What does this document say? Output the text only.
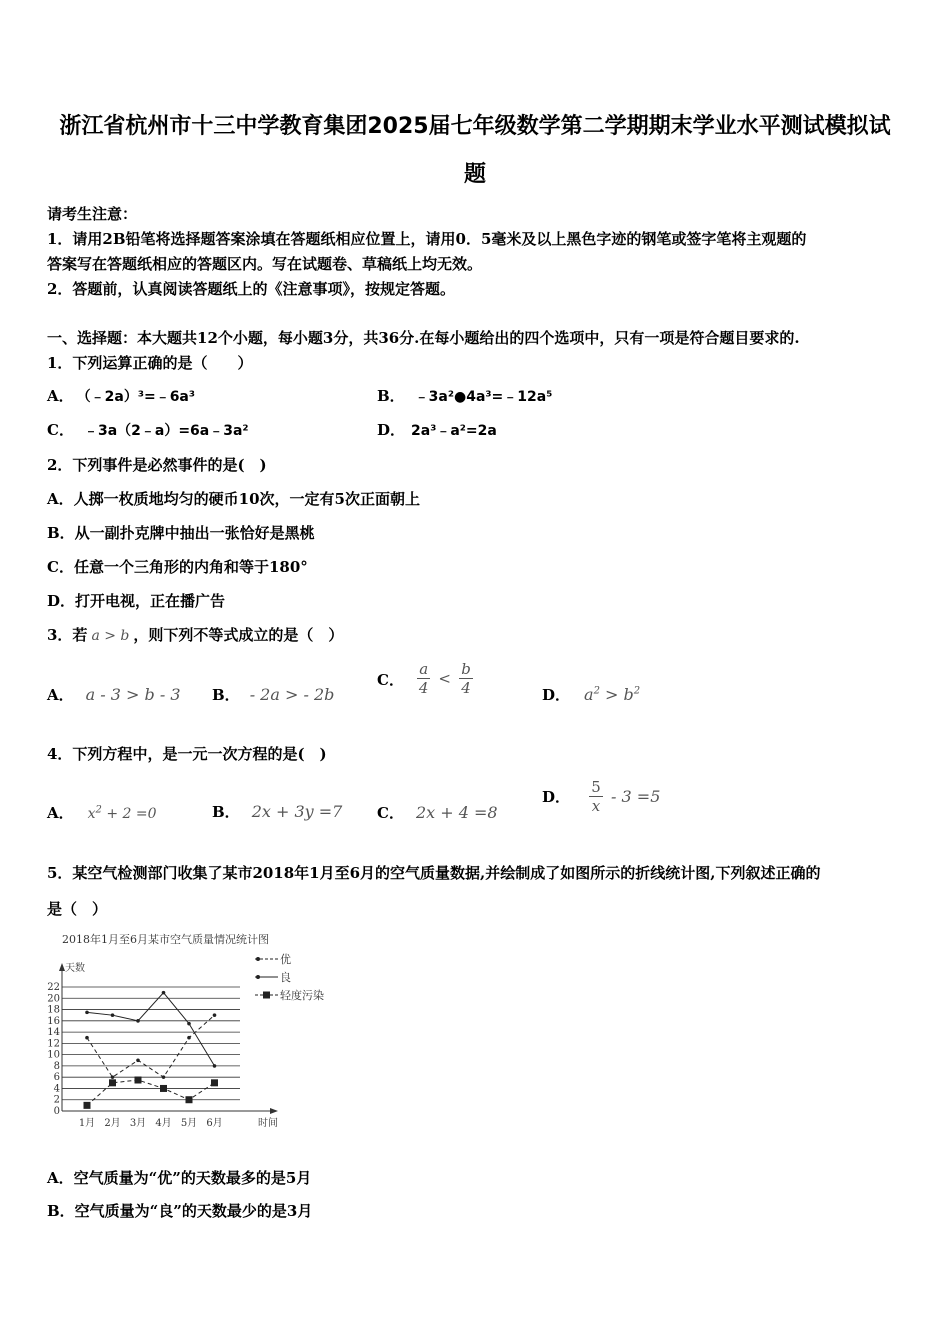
浙江省杭州市十三中学教育集团2025届七年级数学第二学期期末学业水平测试模拟试
题
请考生注意：
1．请用2B铅笔将选择题答案涂填在答题纸相应位置上，请用0．5毫米及以上黑色字迹的钢笔或签字笔将主观题的
答案写在答题纸相应的答题区内。写在试题卷、草稿纸上均无效。
2．答题前，认真阅读答题纸上的《注意事项》，按规定答题。
一、选择题：本大题共12个小题，每小题3分，共36分.在每小题给出的四个选项中，只有一项是符合题目要求的.
1．下列运算正确的是（　　）
A． （﹣2a）³=﹣6a³	B． ﹣3a²●4a³=﹣12a⁵
C． ﹣3a（2﹣a）=6a﹣3a²	D． 2a³﹣a²=2a
2．下列事件是必然事件的是(　)
A．人掷一枚质地均匀的硬币10次，一定有5次正面朝上
B．从一副扑克牌中抽出一张恰好是黑桃
C．任意一个三角形的内角和等于180°
D．打开电视，正在播广告
3．若 a > b ，则下列不等式成立的是（　）
A． a - 3 > b - 3 B． - 2a > - 2b
C． $\frac{a}{4} < \frac{b}{4}$	D． $a^2 > b^2$
4．下列方程中，是一元一次方程的是(　)
A． $x^2 + 2 =0$	B． 2x + 3y =7 C． 2x + 4 =8
D． $\frac{5}{x} - 3 =5$
5．某空气检测部门收集了某市2018年1月至6月的空气质量数据,并绘制成了如图所示的折线统计图,下列叙述正确的
是（　）
2018年1月至6月某市空气质量情况统计图
0
2
4
6
8
10
12
14
16
18
20
22
天数
时间
1月 2月 3月 4月 5月 6月
优
良
轻度污染
A．空气质量为“优”的天数最多的是5月
B．空气质量为“良”的天数最少的是3月
